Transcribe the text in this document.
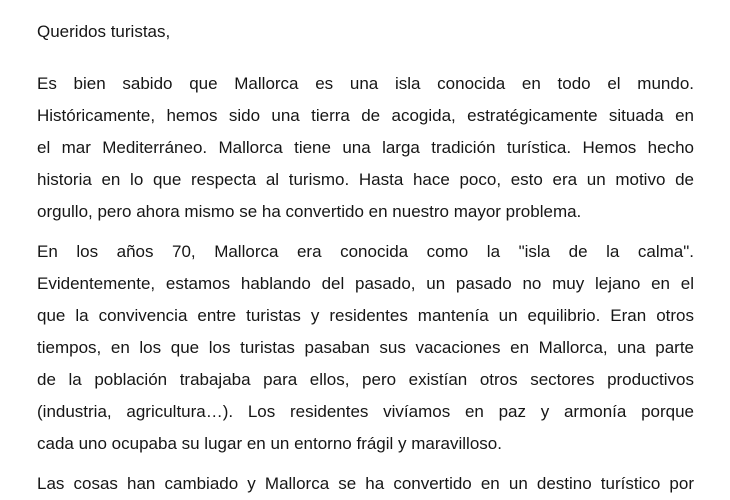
Queridos turistas,
Es bien sabido que Mallorca es una isla conocida en todo el mundo.
Históricamente, hemos sido una tierra de acogida, estratégicamente situada en
el mar Mediterráneo. Mallorca tiene una larga tradición turística. Hemos hecho
historia en lo que respecta al turismo. Hasta hace poco, esto era un motivo de
orgullo, pero ahora mismo se ha convertido en nuestro mayor problema.
En los años 70, Mallorca era conocida como la "isla de la calma".
Evidentemente, estamos hablando del pasado, un pasado no muy lejano en el
que la convivencia entre turistas y residentes mantenía un equilibrio. Eran otros
tiempos, en los que los turistas pasaban sus vacaciones en Mallorca, una parte
de la población trabajaba para ellos, pero existían otros sectores productivos
(industria, agricultura…). Los residentes vivíamos en paz y armonía porque
cada uno ocupaba su lugar en un entorno frágil y maravilloso.
Las cosas han cambiado y Mallorca se ha convertido en un destino turístico por
